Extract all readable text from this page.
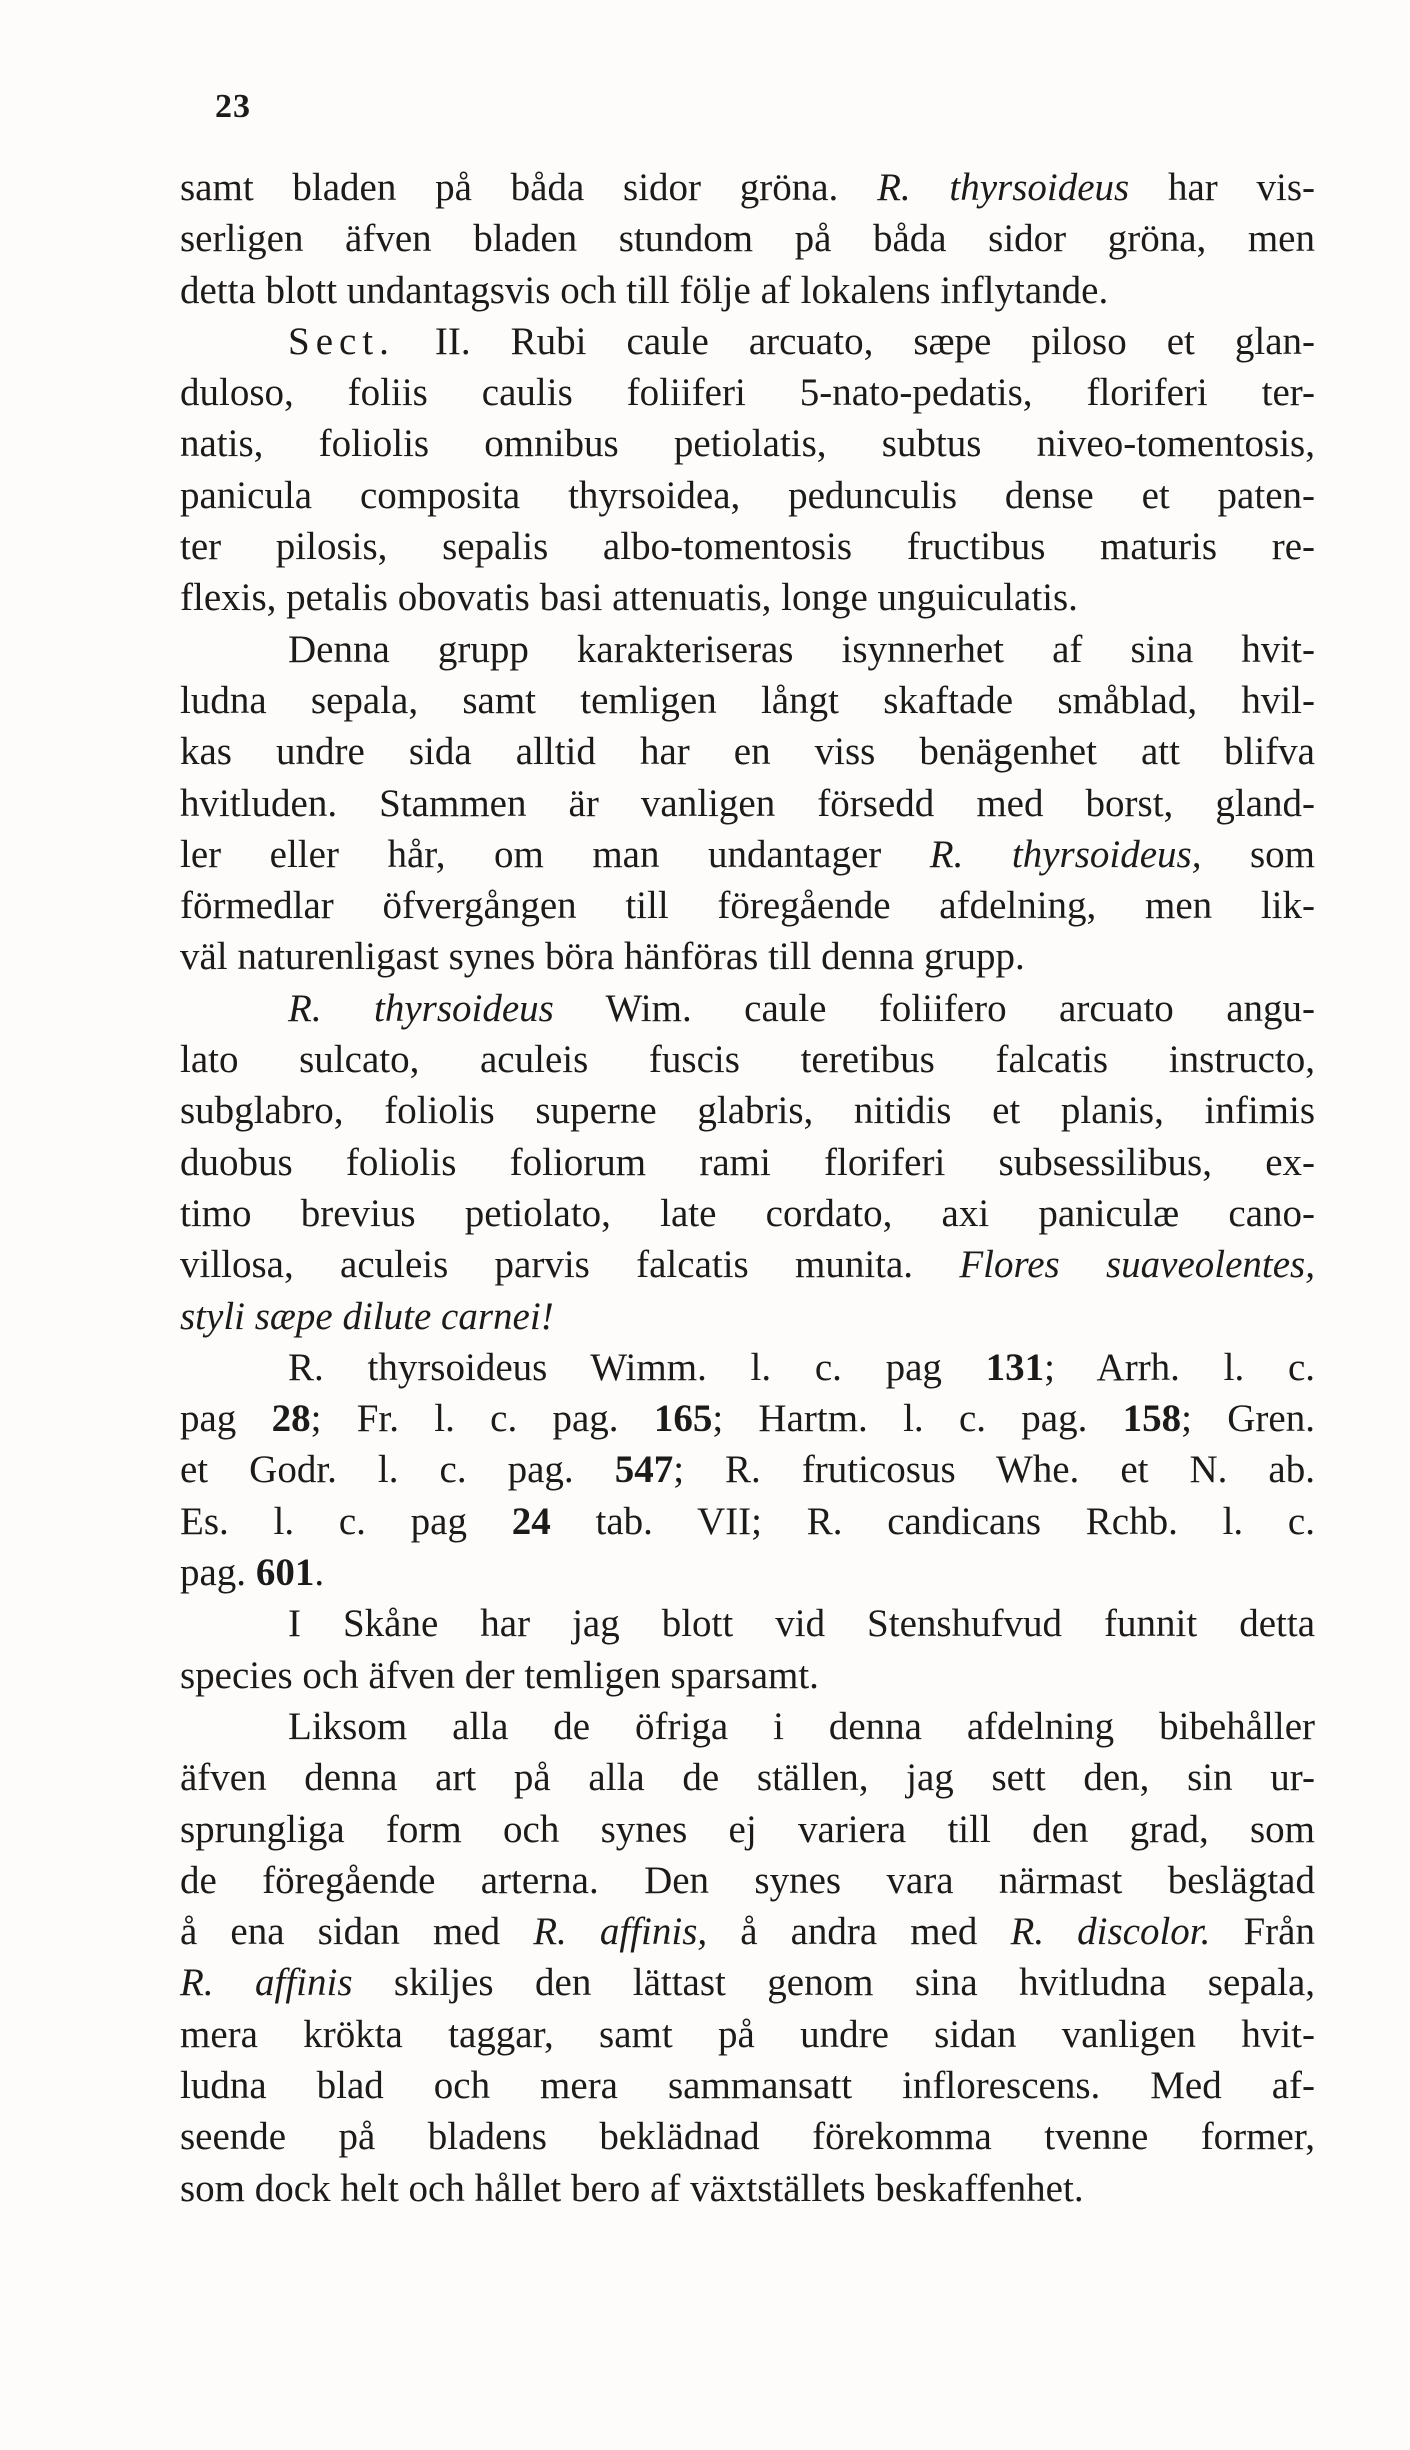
23
samt bladen på båda sidor gröna. R. thyrsoideus har vis-
serligen äfven bladen stundom på båda sidor gröna, men
detta blott undantagsvis och till följe af lokalens inflytande.
Sect. II. Rubi caule arcuato, sæpe piloso et glan-
duloso, foliis caulis foliiferi 5-nato-pedatis, floriferi ter-
natis, foliolis omnibus petiolatis, subtus niveo-tomentosis,
panicula composita thyrsoidea, pedunculis dense et paten-
ter pilosis, sepalis albo-tomentosis fructibus maturis re-
flexis, petalis obovatis basi attenuatis, longe unguiculatis.
Denna grupp karakteriseras isynnerhet af sina hvit-
ludna sepala, samt temligen långt skaftade småblad, hvil-
kas undre sida alltid har en viss benägenhet att blifva
hvitluden. Stammen är vanligen försedd med borst, gland-
ler eller hår, om man undantager R. thyrsoideus, som
förmedlar öfvergången till föregående afdelning, men lik-
väl naturenligast synes böra hänföras till denna grupp.
R. thyrsoideus Wim. caule foliifero arcuato angu-
lato sulcato, aculeis fuscis teretibus falcatis instructo,
subglabro, foliolis superne glabris, nitidis et planis, infimis
duobus foliolis foliorum rami floriferi subsessilibus, ex-
timo brevius petiolato, late cordato, axi paniculæ cano-
villosa, aculeis parvis falcatis munita. Flores suaveolentes,
styli sæpe dilute carnei!
R. thyrsoideus Wimm. l. c. pag 131; Arrh. l. c.
pag 28; Fr. l. c. pag. 165; Hartm. l. c. pag. 158; Gren.
et Godr. l. c. pag. 547; R. fruticosus Whe. et N. ab.
Es. l. c. pag 24 tab. VII; R. candicans Rchb. l. c.
pag. 601.
I Skåne har jag blott vid Stenshufvud funnit detta
species och äfven der temligen sparsamt.
Liksom alla de öfriga i denna afdelning bibehåller
äfven denna art på alla de ställen, jag sett den, sin ur-
sprungliga form och synes ej variera till den grad, som
de föregående arterna. Den synes vara närmast beslägtad
å ena sidan med R. affinis, å andra med R. discolor. Från
R. affinis skiljes den lättast genom sina hvitludna sepala,
mera krökta taggar, samt på undre sidan vanligen hvit-
ludna blad och mera sammansatt inflorescens. Med af-
seende på bladens beklädnad förekomma tvenne former,
som dock helt och hållet bero af växtställets beskaffenhet.
